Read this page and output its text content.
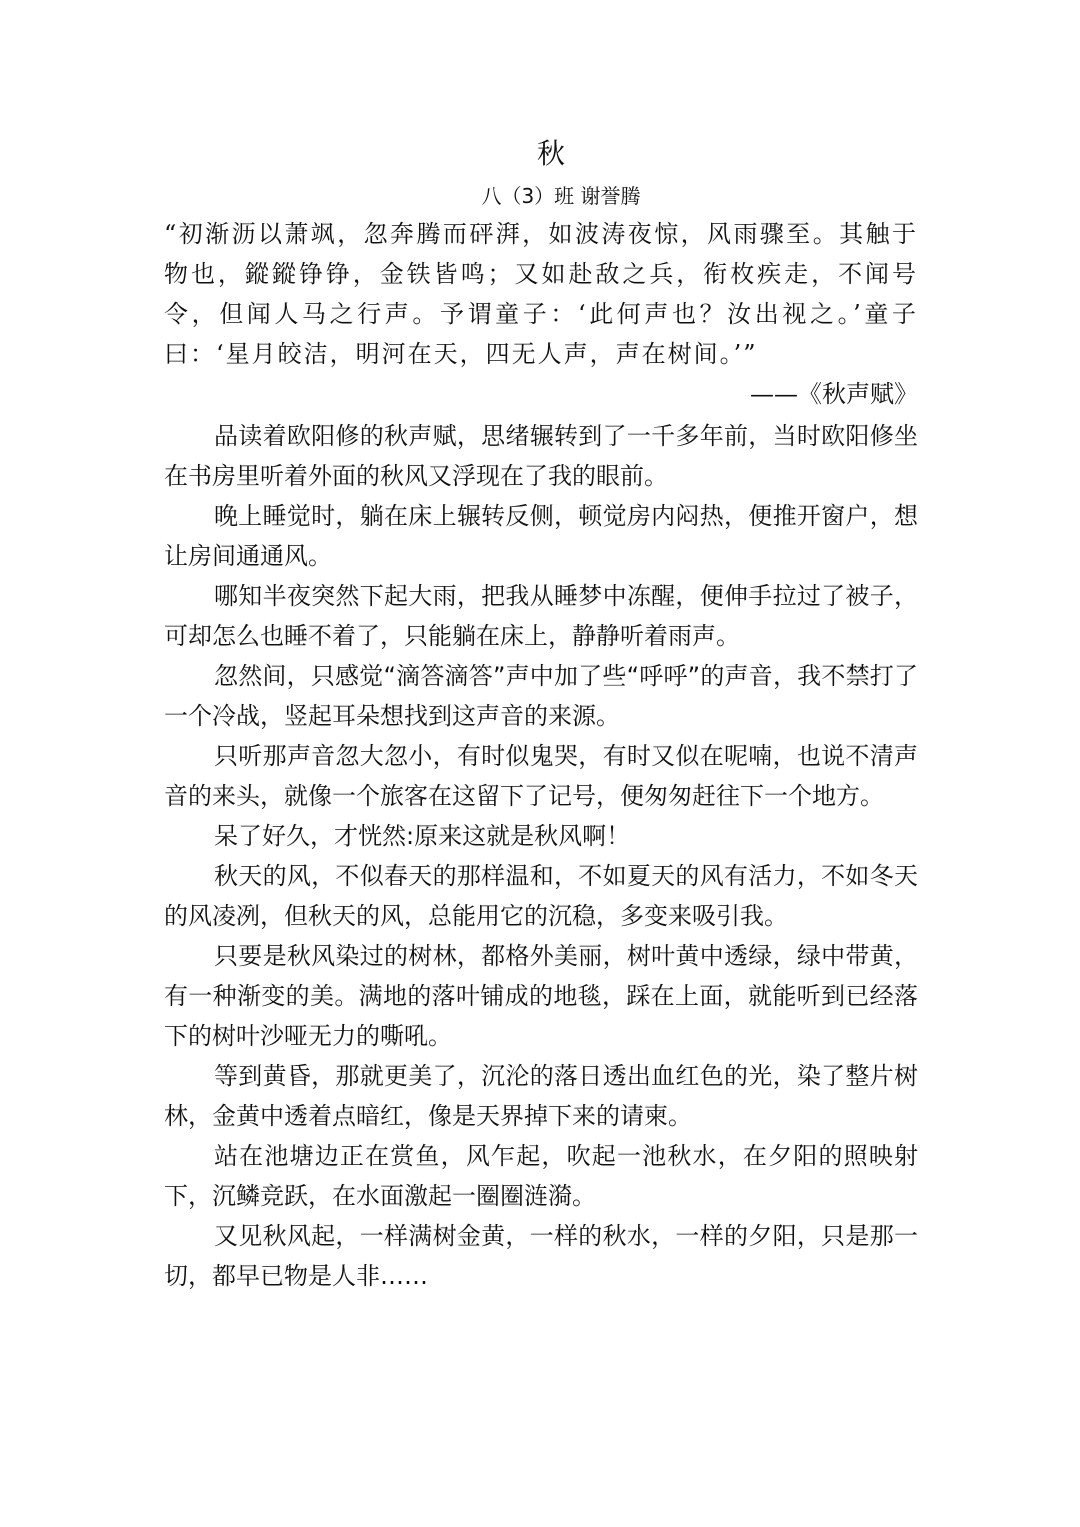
秋
八（3）班 谢誉腾

“初渐沥以萧飒，忽奔腾而砰湃，如波涛夜惊，风雨骤至。其触于物也，鏦鏦铮铮，金铁皆鸣；又如赴敌之兵，衔枚疾走，不闻号令，但闻人马之行声。予谓童子：‘此何声也？汝出视之。’童子曰：‘星月皎洁，明河在天，四无人声，声在树间。’”

——《秋声赋》

品读着欧阳修的秋声赋，思绪辗转到了一千多年前，当时欧阳修坐在书房里听着外面的秋风又浮现在了我的眼前。

晚上睡觉时，躺在床上辗转反侧，顿觉房内闷热，便推开窗户，想让房间通通风。

哪知半夜突然下起大雨，把我从睡梦中冻醒，便伸手拉过了被子，可却怎么也睡不着了，只能躺在床上，静静听着雨声。

忽然间，只感觉“滴答滴答”声中加了些“呼呼”的声音，我不禁打了一个冷战，竖起耳朵想找到这声音的来源。

只听那声音忽大忽小，有时似鬼哭，有时又似在呢喃，也说不清声音的来头，就像一个旅客在这留下了记号，便匆匆赶往下一个地方。

呆了好久，才恍然:原来这就是秋风啊！

秋天的风，不似春天的那样温和，不如夏天的风有活力，不如冬天的风凌冽，但秋天的风，总能用它的沉稳，多变来吸引我。

只要是秋风染过的树林，都格外美丽，树叶黄中透绿，绿中带黄，有一种渐变的美。满地的落叶铺成的地毯，踩在上面，就能听到已经落下的树叶沙哑无力的嘶吼。

等到黄昏，那就更美了，沉沦的落日透出血红色的光，染了整片树林，金黄中透着点暗红，像是天界掉下来的请柬。

站在池塘边正在赏鱼，风乍起，吹起一池秋水，在夕阳的照映射下，沉鳞竞跃，在水面激起一圈圈涟漪。

又见秋风起，一样满树金黄，一样的秋水，一样的夕阳，只是那一切，都早已物是人非……
